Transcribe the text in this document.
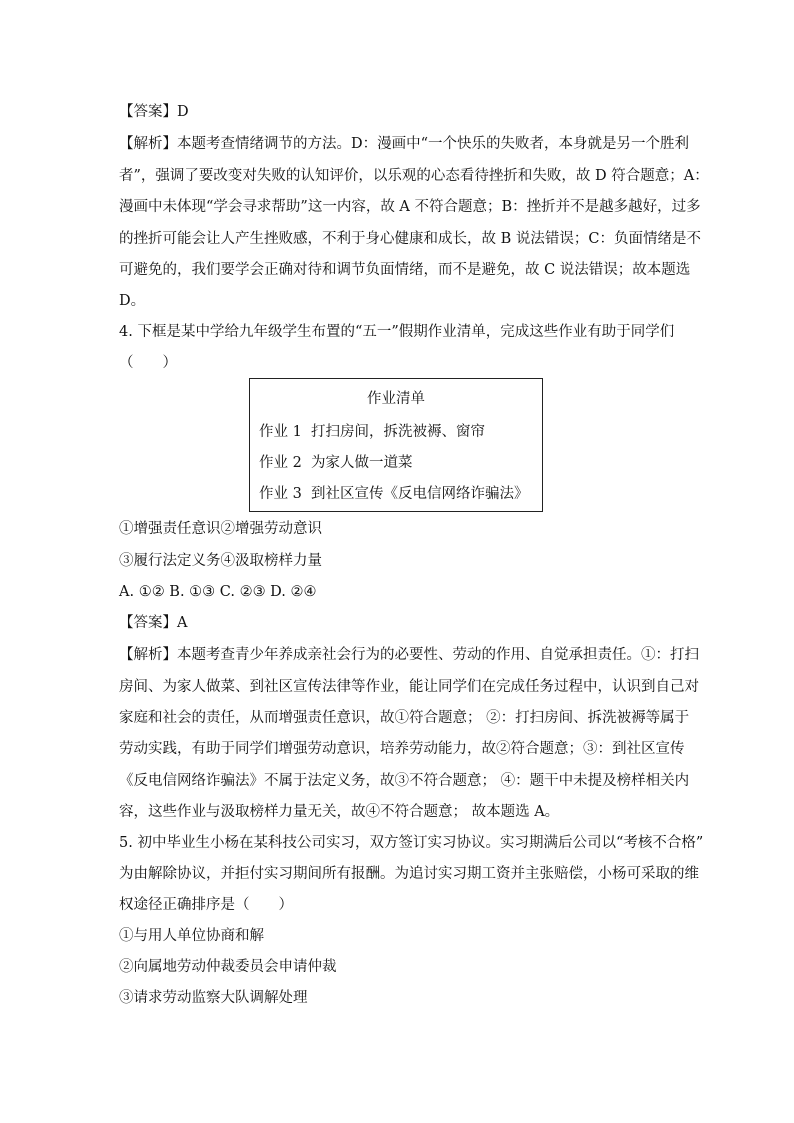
【答案】D
【解析】本题考查情绪调节的方法。D：漫画中“一个快乐的失败者，本身就是另一个胜利
者”，强调了要改变对失败的认知评价，以乐观的心态看待挫折和失败，故 D 符合题意；A：
漫画中未体现“学会寻求帮助”这一内容，故 A 不符合题意；B：挫折并不是越多越好，过多
的挫折可能会让人产生挫败感，不利于身心健康和成长，故 B 说法错误；C：负面情绪是不
可避免的，我们要学会正确对待和调节负面情绪，而不是避免，故 C 说法错误；故本题选
D。
4. 下框是某中学给九年级学生布置的“五一”假期作业清单，完成这些作业有助于同学们
（　　）
作业清单
作业 1 打扫房间，拆洗被褥、窗帘
作业 2 为家人做一道菜
作业 3 到社区宣传《反电信网络诈骗法》
①增强责任意识②增强劳动意识
③履行法定义务④汲取榜样力量
A. ①② B. ①③ C. ②③ D. ②④
【答案】A
【解析】本题考查青少年养成亲社会行为的必要性、劳动的作用、自觉承担责任。①：打扫
房间、为家人做菜、到社区宣传法律等作业，能让同学们在完成任务过程中，认识到自己对
家庭和社会的责任，从而增强责任意识，故①符合题意； ②：打扫房间、拆洗被褥等属于
劳动实践，有助于同学们增强劳动意识，培养劳动能力，故②符合题意；③：到社区宣传
《反电信网络诈骗法》不属于法定义务，故③不符合题意； ④：题干中未提及榜样相关内
容，这些作业与汲取榜样力量无关，故④不符合题意； 故本题选 A。
5. 初中毕业生小杨在某科技公司实习，双方签订实习协议。实习期满后公司以“考核不合格”
为由解除协议，并拒付实习期间所有报酬。为追讨实习期工资并主张赔偿，小杨可采取的维
权途径正确排序是（　　）
①与用人单位协商和解
②向属地劳动仲裁委员会申请仲裁
③请求劳动监察大队调解处理
